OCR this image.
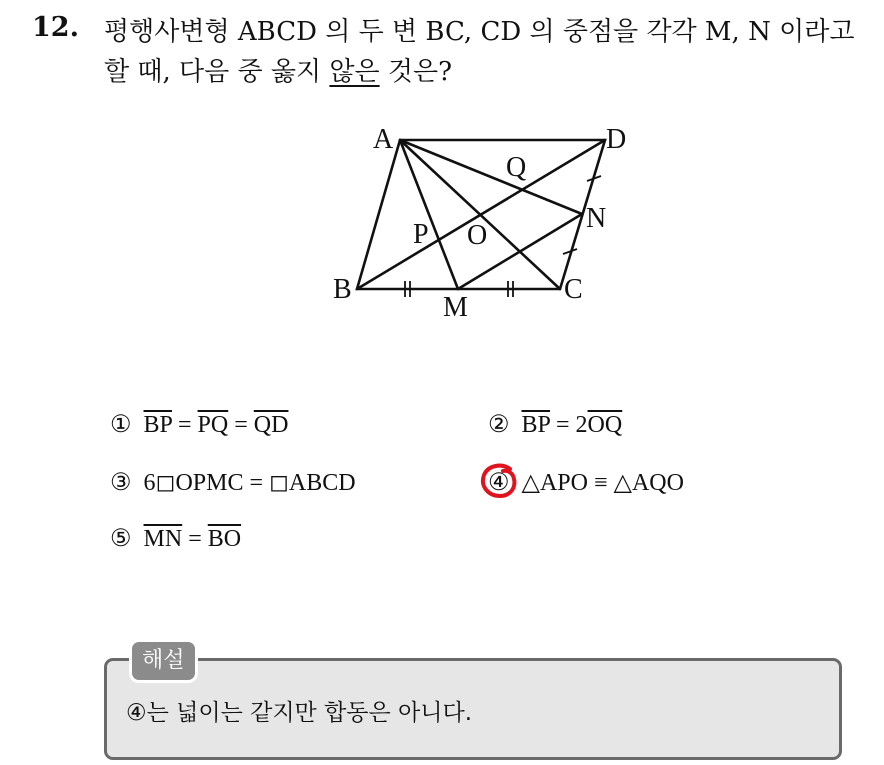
12. 평행사변형 ABCD 의 두 변 BC, CD 의 중점을 각각 M, N 이라고
할 때, 다음 중 옳지 않은 것은?
A	D
Q
N
P O
B	C
M
① $\overline{BP} = \overline{PQ} = \overline{QD}$	② $\overline{BP} = 2\overline{OQ}$
③ 6◻OPMC = ◻ABCD	④ △APO ≡ △AQO
⑤ $\overline{MN} = \overline{BO}$
해설
④는 넓이는 같지만 합동은 아니다.
